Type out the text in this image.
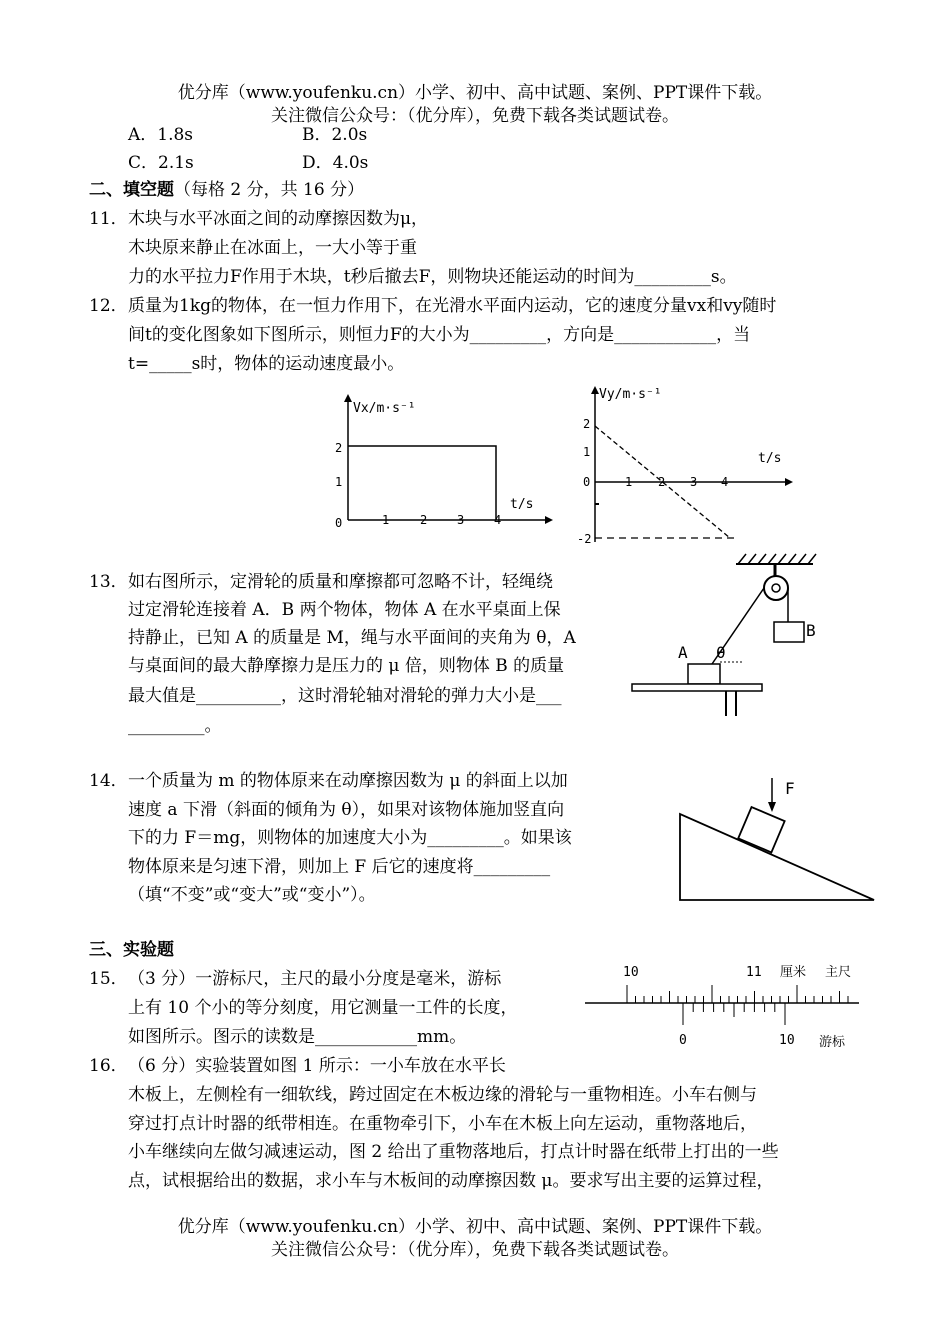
优分库（www.youfenku.cn）小学、初中、高中试题、案例、PPT课件下载。
关注微信公众号：（优分库），免费下载各类试题试卷。
A．1.8s	B．2.0s
C．2.1s	D．4.0s
二、填空题（每格 2 分，共 16 分）
11． 木块与水平冰面之间的动摩擦因数为μ，
木块原来静止在冰面上，一大小等于重
力的水平拉力F作用于木块，t秒后撤去F，则物块还能运动的时间为_________s。
12． 质量为1kg的物体，在一恒力作用下，在光滑水平面内运动，它的速度分量vx和vy随时
间t的变化图象如下图所示，则恒力F的大小为_________，方向是____________，当
t=_____s时，物体的运动速度最小。
Vx/m·s⁻¹
t/s
0
2
1
1	2 3 4
Vy/m·s⁻¹
t/s
0
2
1
-2
1 2 3 4
13． 如右图所示，定滑轮的质量和摩擦都可忽略不计，轻绳绕
过定滑轮连接着 A．B 两个物体，物体 A 在水平桌面上保
持静止，已知 A 的质量是 M，绳与水平面间的夹角为 θ，A
与桌面间的最大静摩擦力是压力的 μ 倍，则物体 B 的质量
最大值是__________，这时滑轮轴对滑轮的弹力大小是___
_________。
B
A θ
14． 一个质量为 m 的物体原来在动摩擦因数为 μ 的斜面上以加
速度 a 下滑（斜面的倾角为 θ），如果对该物体施加竖直向
下的力 F＝mg，则物体的加速度大小为_________。如果该
物体原来是匀速下滑，则加上 F 后它的速度将_________
（填“不变”或“变大”或“变小”）。
F
三、实验题
15． （3 分）一游标尺，主尺的最小分度是毫米，游标
上有 10 个小的等分刻度，用它测量一工件的长度，
如图所示。图示的读数是____________mm。
10	11 厘米 主尺
0	10 游标
16． （6 分）实验装置如图 1 所示：一小车放在水平长
木板上，左侧栓有一细软线，跨过固定在木板边缘的滑轮与一重物相连。小车右侧与
穿过打点计时器的纸带相连。在重物牵引下，小车在木板上向左运动，重物落地后，
小车继续向左做匀减速运动，图 2 给出了重物落地后，打点计时器在纸带上打出的一些
点，试根据给出的数据，求小车与木板间的动摩擦因数 μ。要求写出主要的运算过程，
优分库（www.youfenku.cn）小学、初中、高中试题、案例、PPT课件下载。
关注微信公众号：（优分库），免费下载各类试题试卷。
